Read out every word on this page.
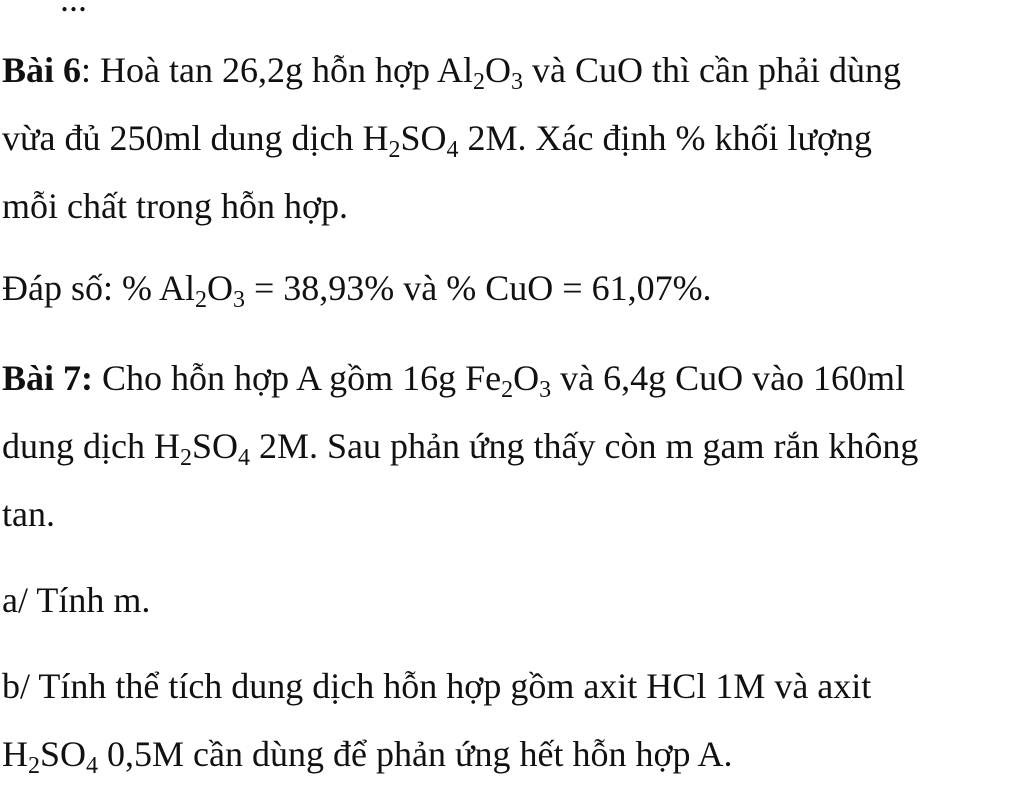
Bài 6: Hoà tan 26,2g hỗn hợp $Al_2O_3$ và CuO thì cần phải dùng
vừa đủ 250ml dung dịch $H_2SO_4$ 2M. Xác định % khối lượng
mỗi chất trong hỗn hợp.
Đáp số: % $Al_2O_3 = 38,93\%$ và % CuO = 61,07%.
Bài 7: Cho hỗn hợp A gồm 16g $Fe_2O_3$ và 6,4g CuO vào 160ml
dung dịch $H_2SO_4$ 2M. Sau phản ứng thấy còn m gam rắn không
tan.
a/ Tính m.
b/ Tính thể tích dung dịch hỗn hợp gồm axit HCl 1M và axit
$H_2SO_4$ 0,5M cần dùng để phản ứng hết hỗn hợp A.
